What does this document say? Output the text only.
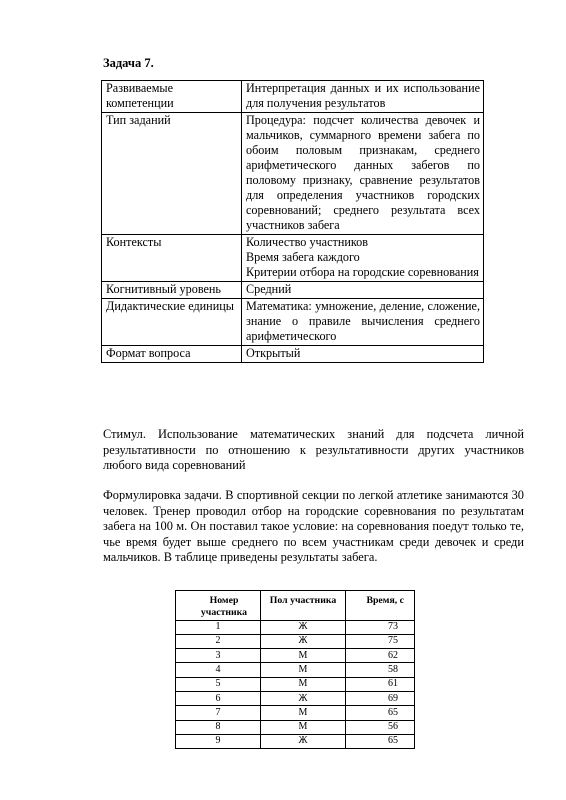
Задача 7.
Развиваемые компетенции	Интерпретация данных и их использование для получения результатов
Тип заданий	Процедура: подсчет количества девочек и мальчиков, суммарного времени забега по обоим половым признакам, среднего арифметического данных забегов по половому признаку, сравнение результатов для определения участников городских соревнований; среднего результата всех участников забега
Контексты	Количество участников
Время забега каждого
Критерии отбора на городские соревнования

Когнитивный уровень	Средний
Дидактические единицы	Математика: умножение, деление, сложение, знание о правиле вычисления среднего арифметического
Формат вопроса	Открытый

Стимул. Использование математических знаний для подсчета личной результативности по отношению к результативности других участников любого вида соревнований

Формулировка задачи. В спортивной секции по легкой атлетике занимаются 30 человек. Тренер проводил отбор на городские соревнования по результатам забега на 100 м. Он поставил такое условие: на соревнования поедут только те, чье время будет выше среднего по всем участникам среди девочек и среди мальчиков. В таблице приведены результаты забега.

Номер участника	Пол участника	Время, с
1	Ж	73
2	Ж	75
3	М	62
4	М	58
5	М	61
6	Ж	69
7	М	65
8	М	56
9	Ж	65
